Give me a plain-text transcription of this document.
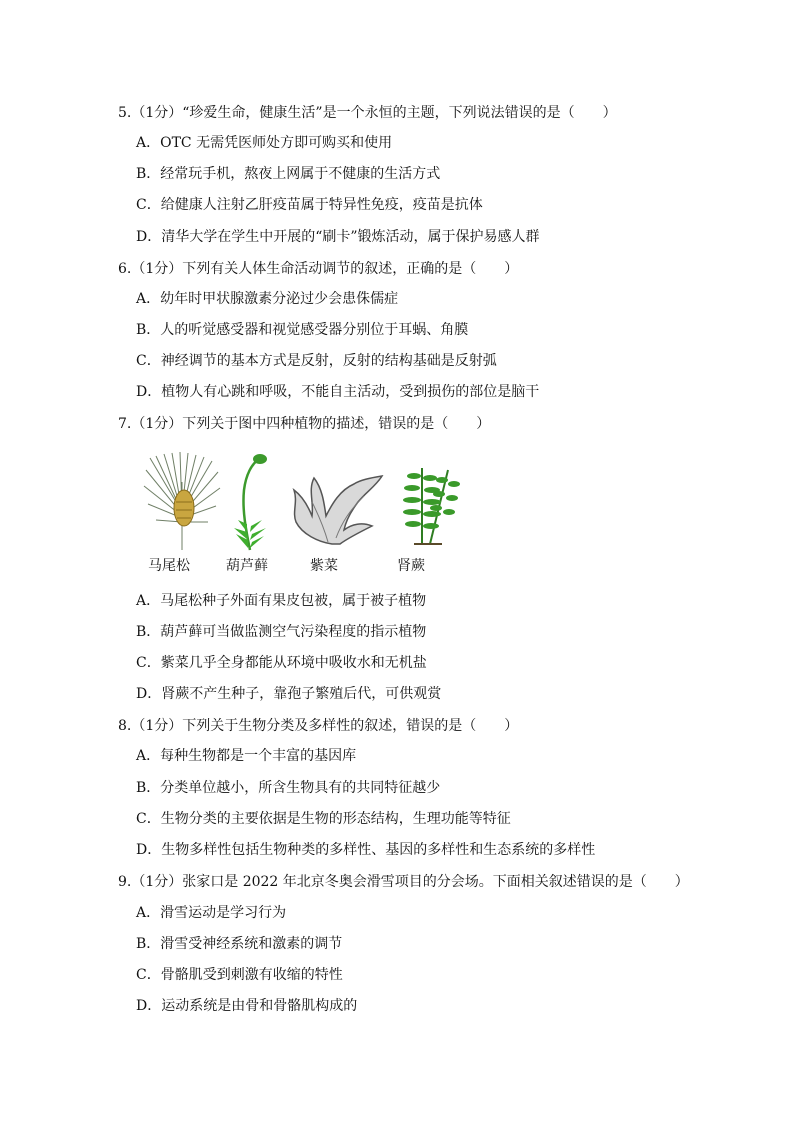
5.（1分）“珍爱生命，健康生活”是一个永恒的主题，下列说法错误的是（　　）
A．OTC 无需凭医师处方即可购买和使用
B．经常玩手机，熬夜上网属于不健康的生活方式
C．给健康人注射乙肝疫苗属于特异性免疫，疫苗是抗体
D．清华大学在学生中开展的“刷卡”锻炼活动，属于保护易感人群
6.（1分）下列有关人体生命活动调节的叙述，正确的是（　　）
A．幼年时甲状腺激素分泌过少会患侏儒症
B．人的听觉感受器和视觉感受器分别位于耳蜗、角膜
C．神经调节的基本方式是反射，反射的结构基础是反射弧
D．植物人有心跳和呼吸，不能自主活动，受到损伤的部位是脑干
7.（1分）下列关于图中四种植物的描述，错误的是（　　）
马尾松	葫芦藓	紫菜	肾蕨
A．马尾松种子外面有果皮包被，属于被子植物
B．葫芦藓可当做监测空气污染程度的指示植物
C．紫菜几乎全身都能从环境中吸收水和无机盐
D．肾蕨不产生种子，靠孢子繁殖后代，可供观赏
8.（1分）下列关于生物分类及多样性的叙述，错误的是（　　）
A．每种生物都是一个丰富的基因库
B．分类单位越小，所含生物具有的共同特征越少
C．生物分类的主要依据是生物的形态结构，生理功能等特征
D．生物多样性包括生物种类的多样性、基因的多样性和生态系统的多样性
9.（1分）张家口是 2022 年北京冬奥会滑雪项目的分会场。下面相关叙述错误的是（　　）
A．滑雪运动是学习行为
B．滑雪受神经系统和激素的调节
C．骨骼肌受到刺激有收缩的特性
D．运动系统是由骨和骨骼肌构成的
